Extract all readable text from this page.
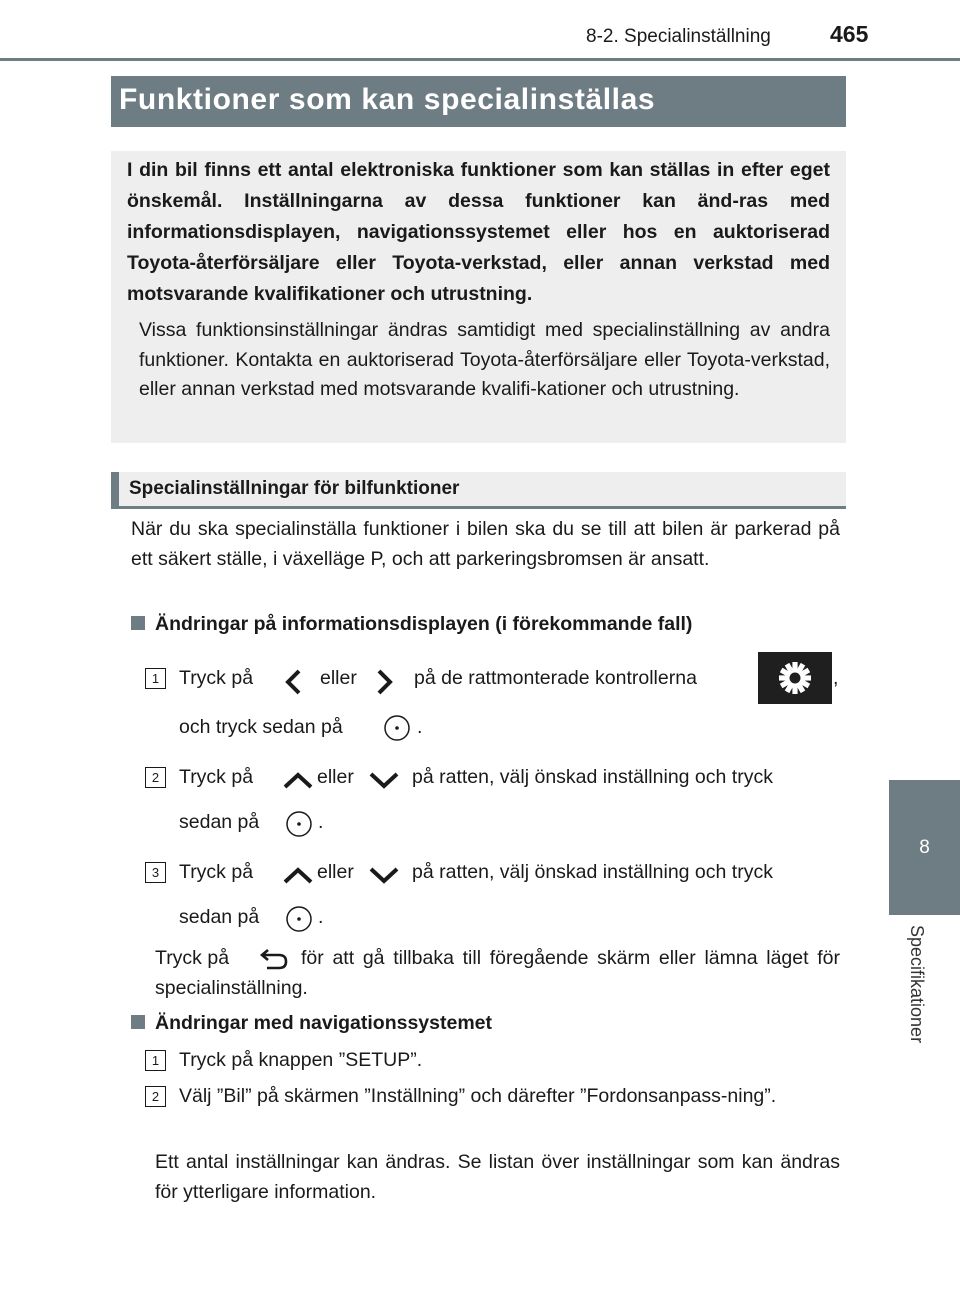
8-2. Specialinställning	465
8
Specifikationer
Funktioner som kan specialinställas

I din bil finns ett antal elektroniska funktioner som kan ställas in efter eget önskemål. Inställningarna av dessa funktioner kan änd-ras med informationsdisplayen, navigationssystemet eller hos en auktoriserad Toyota-återförsäljare eller Toyota-verkstad, eller annan verkstad med motsvarande kvalifikationer och utrustning.

Vissa funktionsinställningar ändras samtidigt med specialinställning av andra funktioner. Kontakta en auktoriserad Toyota-återförsäljare eller Toyota-verkstad, eller annan verkstad med motsvarande kvalifi-kationer och utrustning.

Specialinställningar för bilfunktioner

När du ska specialinställa funktioner i bilen ska du se till att bilen är parkerad på ett säkert ställe, i växelläge P, och att parkeringsbromsen är ansatt.

Ändringar på informationsdisplayen (i förekommande fall)
1	Tryck på	eller	på de rattmonterade kontrollerna	,
och tryck sedan på	.
2	Tryck på	eller	på ratten, välj önskad inställning och tryck
sedan på	.
3	Tryck på	eller	på ratten, välj önskad inställning och tryck
sedan på	.
Tryck på	för att gå tillbaka till föregående skärm eller lämna läget för specialinställning.

Ändringar med navigationssystemet
1	Tryck på knappen ”SETUP”.
2	Välj ”Bil” på skärmen ”Inställning” och därefter ”Fordonsanpass-ning”.

Ett antal inställningar kan ändras. Se listan över inställningar som kan ändras för ytterligare information.
